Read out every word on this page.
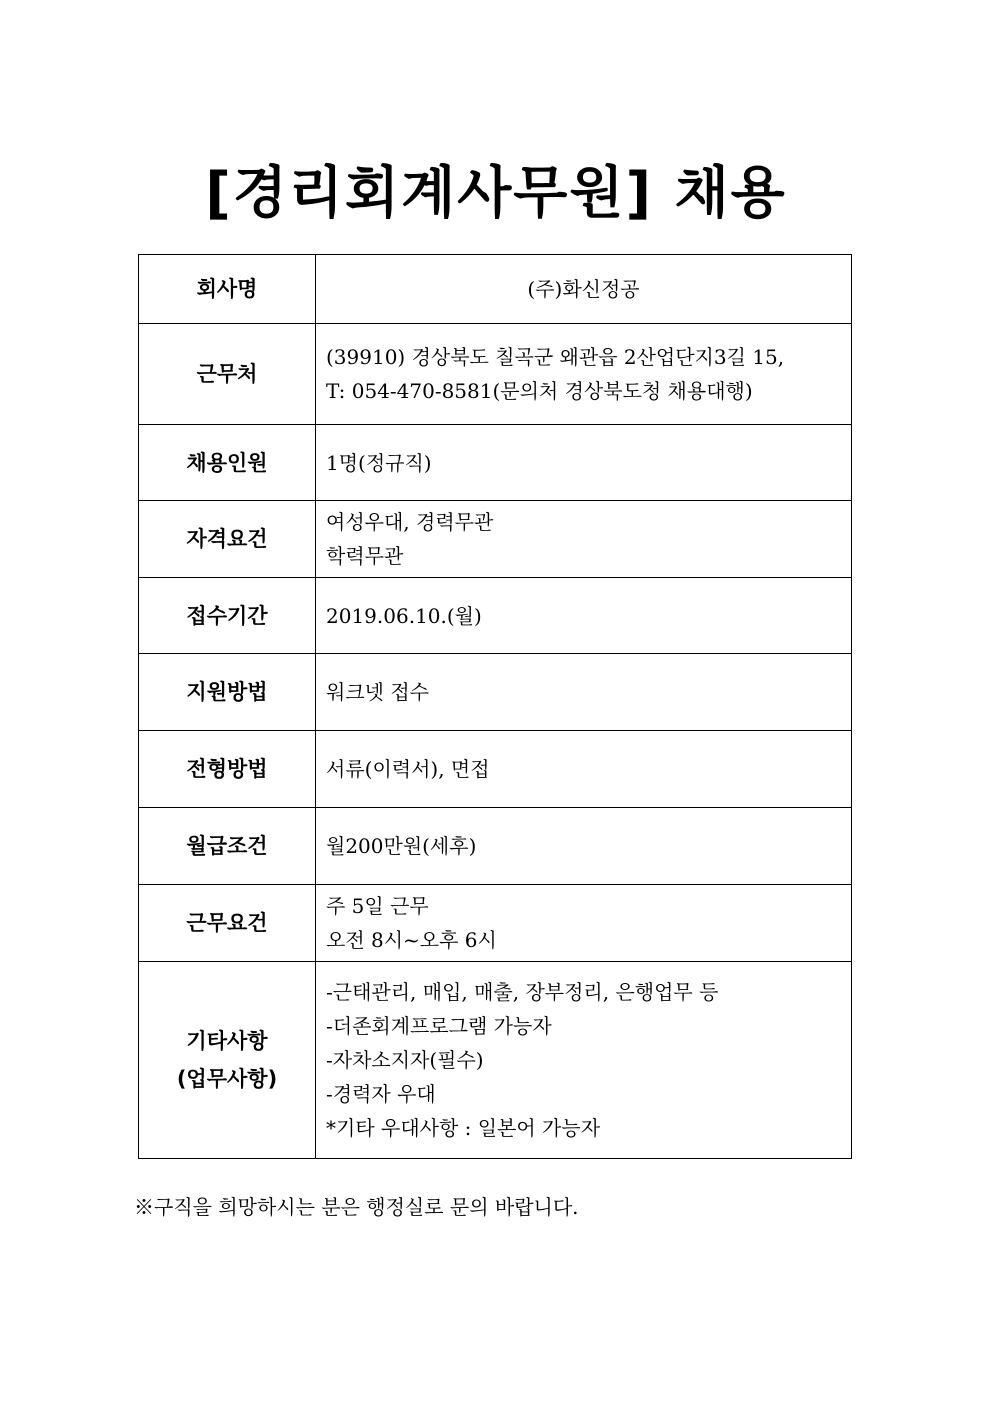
[경리회계사무원] 채용
회사명	(주)화신정공

근무처	(39910) 경상북도 칠곡군 왜관읍 2산업단지3길 15,
T: 054-470-8581(문의처 경상북도청 채용대행)

채용인원	1명(정규직)

자격요건	여성우대, 경력무관
학력무관

접수기간	2019.06.10.(월)

지원방법	워크넷 접수

전형방법	서류(이력서), 면접

월급조건	월200만원(세후)

근무요건	주 5일 근무
오전 8시~오후 6시

기타사항
(업무사항)	-근태관리, 매입, 매출, 장부정리, 은행업무 등
-더존회계프로그램 가능자
-자차소지자(필수)
-경력자 우대
*기타 우대사항 : 일본어 가능자
※구직을 희망하시는 분은 행정실로 문의 바랍니다.
